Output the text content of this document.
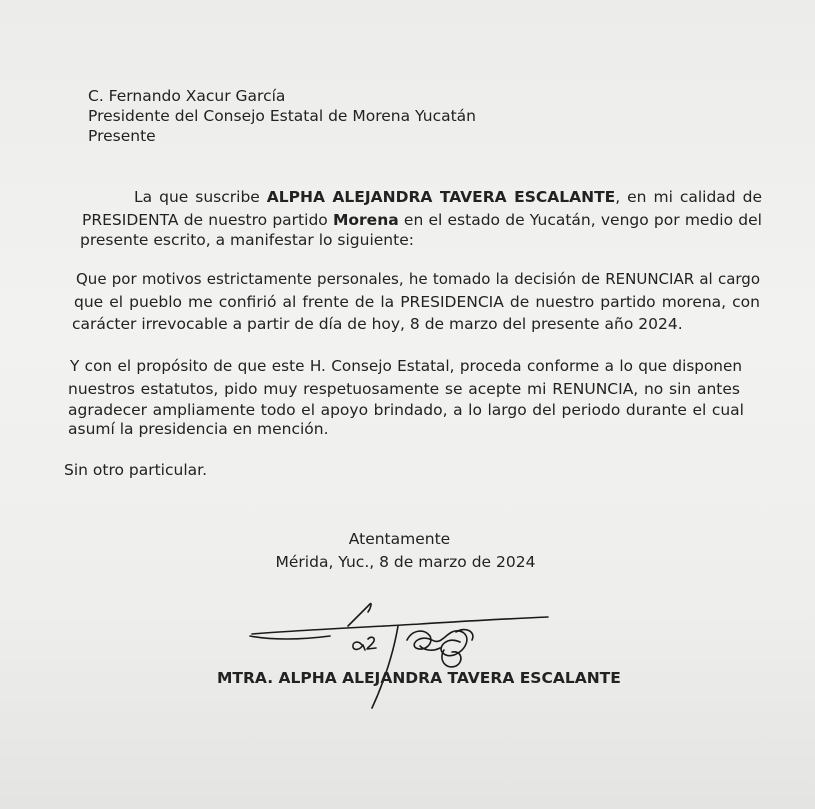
C. Fernando Xacur García
Presidente del Consejo Estatal de Morena Yucatán
Presente
La que suscribe ALPHA ALEJANDRA TAVERA ESCALANTE, en mi calidad de
PRESIDENTA de nuestro partido Morena en el estado de Yucatán, vengo por medio del
presente escrito, a manifestar lo siguiente:
Que por motivos estrictamente personales, he tomado la decisión de RENUNCIAR al cargo
que el pueblo me confirió al frente de la PRESIDENCIA de nuestro partido morena, con
carácter irrevocable a partir de día de hoy, 8 de marzo del presente año 2024.
Y con el propósito de que este H. Consejo Estatal, proceda conforme a lo que disponen
nuestros estatutos, pido muy respetuosamente se acepte mi RENUNCIA, no sin antes
agradecer ampliamente todo el apoyo brindado, a lo largo del periodo durante el cual
asumí la presidencia en mención.
Sin otro particular.
Atentamente
Mérida, Yuc., 8 de marzo de 2024
MTRA. ALPHA ALEJANDRA TAVERA ESCALANTE
